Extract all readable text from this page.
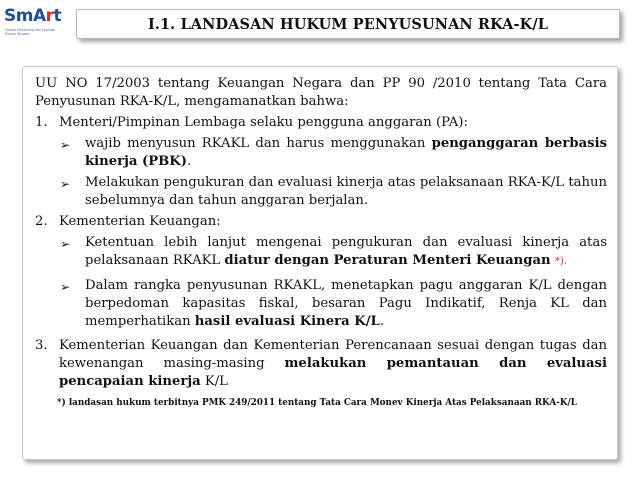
SmArt
Sistem Monitoring dan Evaluasi Kinerja Terpadu
I.1. LANDASAN HUKUM PENYUSUNAN RKA-K/L
UU NO 17/2003 tentang Keuangan Negara dan PP 90 /2010 tentang Tata Cara Penyusunan RKA-K/L, mengamanatkan bahwa:
1. Menteri/Pimpinan Lembaga selaku pengguna anggaran (PA):
➢ wajib menyusun RKAKL dan harus menggunakan penganggaran berbasis kinerja (PBK).
➢ Melakukan pengukuran dan evaluasi kinerja atas pelaksanaan RKA-K/L tahun sebelumnya dan tahun anggaran berjalan.
2. Kementerian Keuangan:
➢ Ketentuan lebih lanjut mengenai pengukuran dan evaluasi kinerja atas pelaksanaan RKAKL diatur dengan Peraturan Menteri Keuangan *).
➢ Dalam rangka penyusunan RKAKL, menetapkan pagu anggaran K/L dengan berpedoman kapasitas fiskal, besaran Pagu Indikatif, Renja KL dan memperhatikan hasil evaluasi Kinera K/L.
3. Kementerian Keuangan dan Kementerian Perencanaan sesuai dengan tugas dan kewenangan masing-masing melakukan pemantauan dan evaluasi pencapaian kinerja K/L
*) landasan hukum terbitnya PMK 249/2011 tentang Tata Cara Monev Kinerja Atas Pelaksanaan RKA-K/L
